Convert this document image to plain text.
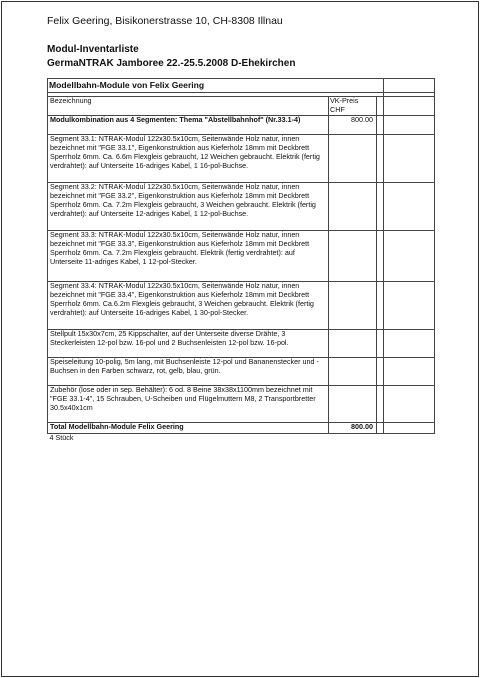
Felix Geering, Bisikonerstrasse 10, CH-8308 Illnau
Modul-Inventarliste
GermaNTRAK Jamboree 22.-25.5.2008 D-Ehekirchen
Modellbahn-Module von Felix Geering			

Bezeichnung	VK-Preis
CHF		

Modulkombination aus 4 Segmenten: Thema "Abstellbahnhof" (Nr.33.1-4)	800.00		
Segment 33.1: NTRAK-Modul 122x30.5x10cm, Seitenwände Holz natur, innen bezeichnet mit "FGE 33.1", Eigenkonstruktion aus Kieferholz 18mm mit Deckbrett Sperrholz 6mm. Ca. 6.6m Flexgleis gebraucht, 12 Weichen gebraucht. Elektrik (fertig verdrahtet): auf Unterseite 16-adriges Kabel, 1 16-pol-Buchse.			
Segment 33.2: NTRAK-Modul 122x30.5x10cm, Seitenwände Holz natur, innen bezeichnet mit "FGE 33.2", Eigenkonstruktion aus Kieferholz 18mm mit Deckbrett Sperrholz 6mm. Ca. 7.2m Flexgleis gebraucht, 3 Weichen gebraucht. Elektrik (fertig verdrahtet): auf Unterseite 12-adriges Kabel, 1 12-pol-Buchse.			
Segment 33.3: NTRAK-Modul 122x30.5x10cm, Seitenwände Holz natur, innen bezeichnet mit "FGE 33.3", Eigenkonstruktion aus Kieferholz 18mm mit Deckbrett Sperrholz 6mm. Ca. 7.2m Flexgleis gebraucht. Elektrik (fertig verdrahtet): auf Unterseite 11-adriges Kabel, 1 12-pol-Stecker.			
Segment 33.4: NTRAK-Modul 122x30.5x10cm, Seitenwände Holz natur, innen bezeichnet mit "FGE 33.4", Eigenkonstruktion aus Kieferholz 18mm mit Deckbrett Sperrholz 6mm. Ca.6.2m Flexgleis gebraucht, 3 Weichen gebraucht. Elektrik (fertig verdrahtet): auf Unterseite 16-adriges Kabel, 1 30-pol-Stecker.			
Stellpult 15x30x7cm, 25 Kippschalter, auf der Unterseite diverse Drähte, 3 Steckerleisten 12-pol bzw. 16-pol und 2 Buchsenleisten 12-pol bzw. 16-pol.			
Speiseleitung 10-polig, 5m lang, mit Buchsenleiste 12-pol und Bananenstecker und -Buchsen in den Farben schwarz, rot, gelb, blau, grün.			
Zubehör (lose oder in sep. Behälter): 6 od. 8 Beine 38x38x1100mm bezeichnet mit "FGE 33.1-4", 15 Schrauben, U-Scheiben und Flügelmuttern M8, 2 Transportbretter 30.5x40x1cm			
Total Modellbahn-Module Felix Geering	800.00		
4 Stück			
